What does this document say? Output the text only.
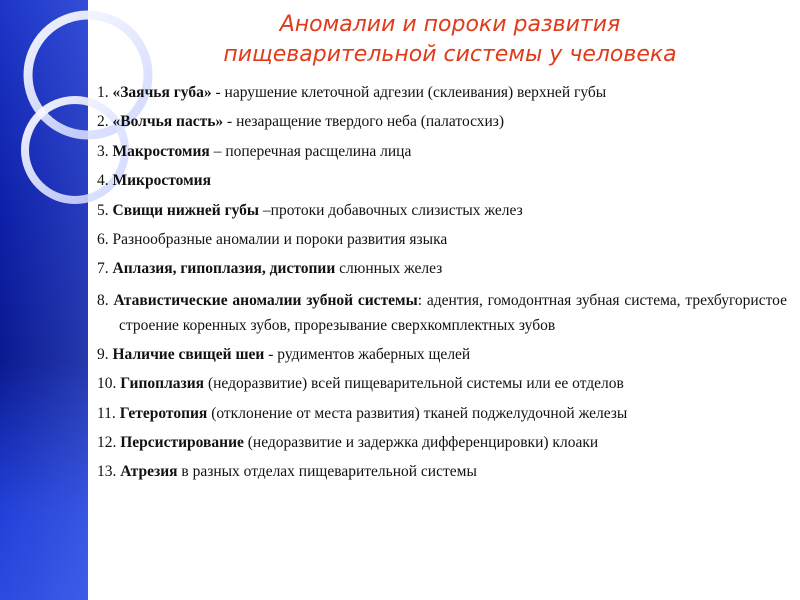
Аномалии и пороки развития
пищеварительной системы у человека
1. «Заячья губа» - нарушение клеточной адгезии (склеивания) верхней губы
2. «Волчья пасть» - незаращение твердого неба (палатосхиз)
3. Макростомия – поперечная расщелина лица
4. Микростомия
5. Свищи нижней губы –протоки добавочных слизистых желез
6. Разнообразные аномалии и пороки развития языка
7. Аплазия, гипоплазия, дистопии слюнных желез
8. Атавистические аномалии зубной системы: адентия, гомодонтная зубная система, трехбугористое строение коренных зубов, прорезывание сверхкомплектных зубов
9. Наличие свищей шеи - рудиментов жаберных щелей
10. Гипоплазия (недоразвитие) всей пищеварительной системы или ее отделов
11. Гетеротопия (отклонение от места развития) тканей поджелудочной железы
12. Персистирование (недоразвитие и задержка дифференцировки) клоаки
13. Атрезия в разных отделах пищеварительной системы
